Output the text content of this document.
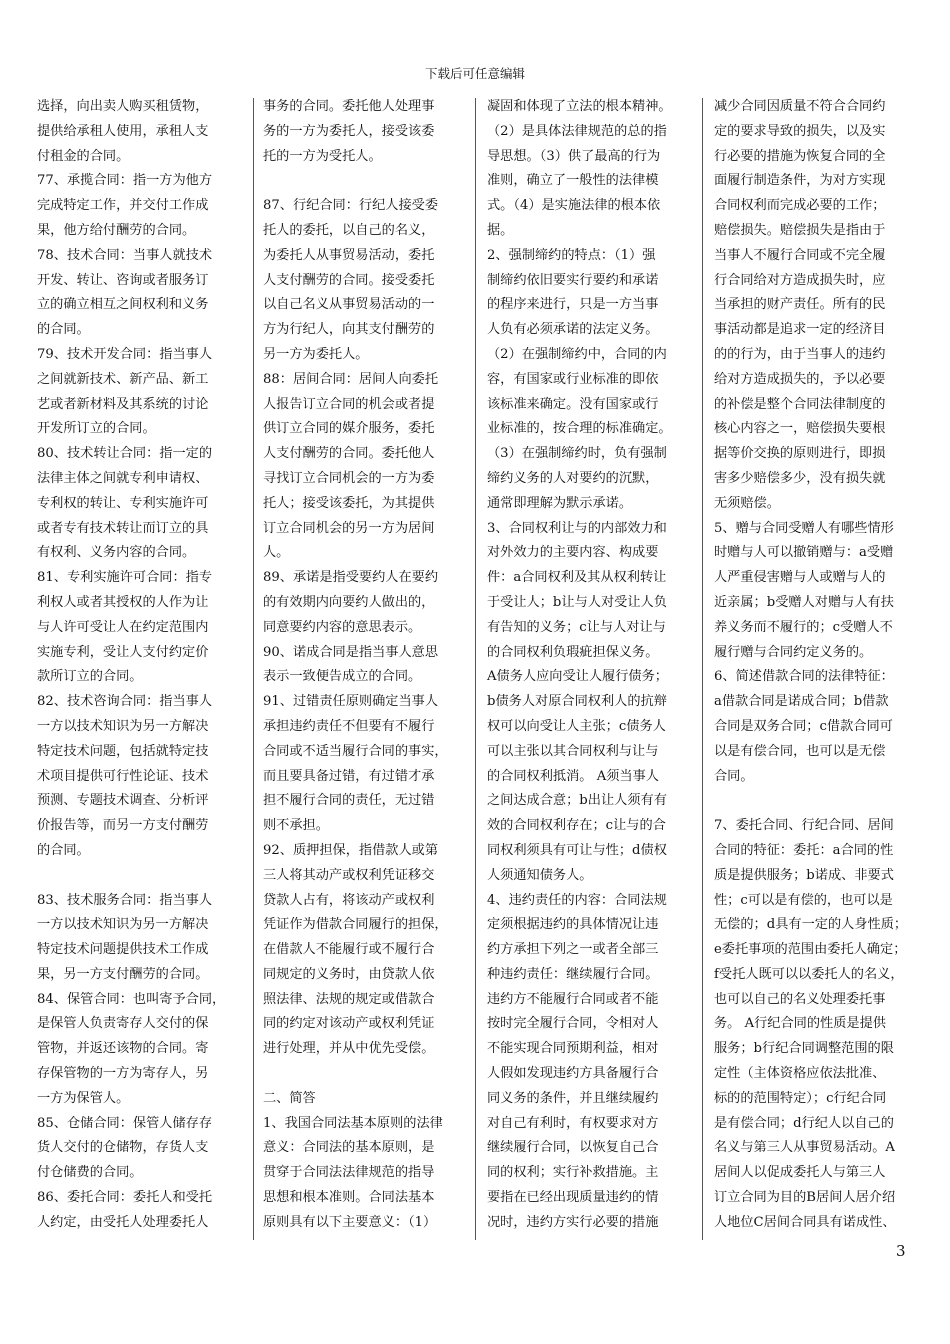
下载后可任意编辑

选择，向出卖人购买租赁物，

提供给承租人使用，承租人支

付租金的合同。

77、承揽合同：指一方为他方

完成特定工作，并交付工作成

果，他方给付酬劳的合同。

78、技术合同：当事人就技术

开发、转让、咨询或者服务订

立的确立相互之间权利和义务

的合同。

79、技术开发合同：指当事人

之间就新技术、新产品、新工

艺或者新材料及其系统的讨论

开发所订立的合同。

80、技术转让合同：指一定的

法律主体之间就专利申请权、

专利权的转让、专利实施许可

或者专有技术转让而订立的具

有权利、义务内容的合同。

81、专利实施许可合同：指专

利权人或者其授权的人作为让

与人许可受让人在约定范围内

实施专利，受让人支付约定价

款所订立的合同。

82、技术咨询合同：指当事人

一方以技术知识为另一方解决

特定技术问题，包括就特定技

术项目提供可行性论证、技术

预测、专题技术调查、分析评

价报告等，而另一方支付酬劳

的合同。

83、技术服务合同：指当事人

一方以技术知识为另一方解决

特定技术问题提供技术工作成

果，另一方支付酬劳的合同。

84、保管合同：也叫寄予合同，

是保管人负责寄存人交付的保

管物，并返还该物的合同。寄

存保管物的一方为寄存人，另

一方为保管人。

85、仓储合同：保管人储存存

货人交付的仓储物，存货人支

付仓储费的合同。

86、委托合同：委托人和受托

人约定，由受托人处理委托人

事务的合同。委托他人处理事

务的一方为委托人，接受该委

托的一方为受托人。

87、行纪合同：行纪人接受委

托人的委托，以自己的名义，

为委托人从事贸易活动，委托

人支付酬劳的合同。接受委托

以自己名义从事贸易活动的一

方为行纪人，向其支付酬劳的

另一方为委托人。

88：居间合同：居间人向委托

人报告订立合同的机会或者提

供订立合同的媒介服务，委托

人支付酬劳的合同。委托他人

寻找订立合同机会的一方为委

托人；接受该委托，为其提供

订立合同机会的另一方为居间

人。

89、承诺是指受要约人在要约

的有效期内向要约人做出的，

同意要约内容的意思表示。

90、诺成合同是指当事人意思

表示一致便告成立的合同。

91、过错责任原则确定当事人

承担违约责任不但要有不履行

合同或不适当履行合同的事实，

而且要具备过错，有过错才承

担不履行合同的责任，无过错

则不承担。

92、质押担保，指借款人或第

三人将其动产或权利凭证移交

贷款人占有，将该动产或权利

凭证作为借款合同履行的担保，

在借款人不能履行或不履行合

同规定的义务时，由贷款人依

照法律、法规的规定或借款合

同的约定对该动产或权利凭证

进行处理，并从中优先受偿。

二、简答

1、我国合同法基本原则的法律

意义：合同法的基本原则，是

贯穿于合同法法律规范的指导

思想和根本准则。合同法基本

原则具有以下主要意义：（1）

凝固和体现了立法的根本精神。

（2）是具体法律规范的总的指

导思想。（3）供了最高的行为

准则，确立了一般性的法律模

式。（4）是实施法律的根本依

据。

2、强制缔约的特点：（1）强

制缔约依旧要实行要约和承诺

的程序来进行，只是一方当事

人负有必须承诺的法定义务。

（2）在强制缔约中，合同的内

容，有国家或行业标准的即依

该标准来确定。没有国家或行

业标准的，按合理的标准确定。

（3）在强制缔约时，负有强制

缔约义务的人对要约的沉默，

通常即理解为默示承诺。

3、合同权利让与的内部效力和

对外效力的主要内容、构成要

件：a合同权利及其从权利转让

于受让人；b让与人对受让人负

有告知的义务；c让与人对让与

的合同权利负瑕疵担保义务。

A债务人应向受让人履行债务；

b债务人对原合同权利人的抗辩

权可以向受让人主张；c债务人

可以主张以其合同权利与让与

的合同权利抵消。 A须当事人

之间达成合意；b出让人须有有

效的合同权利存在；c让与的合

同权利须具有可让与性；d债权

人须通知债务人。

4、违约责任的内容：合同法规

定须根据违约的具体情况让违

约方承担下列之一或者全部三

种违约责任：继续履行合同。

违约方不能履行合同或者不能

按时完全履行合同，令相对人

不能实现合同预期利益，相对

人假如发现违约方具备履行合

同义务的条件，并且继续履约

对自己有利时，有权要求对方

继续履行合同，以恢复自己合

同的权利；实行补救措施。主

要指在已经出现质量违约的情

况时，违约方实行必要的措施

减少合同因质量不符合合同约

定的要求导致的损失，以及实

行必要的措施为恢复合同的全

面履行制造条件，为对方实现

合同权利而完成必要的工作；

赔偿损失。赔偿损失是指由于

当事人不履行合同或不完全履

行合同给对方造成损失时，应

当承担的财产责任。所有的民

事活动都是追求一定的经济目

的的行为，由于当事人的违约

给对方造成损失的，予以必要

的补偿是整个合同法律制度的

核心内容之一，赔偿损失要根

据等价交换的原则进行，即损

害多少赔偿多少，没有损失就

无须赔偿。

5、赠与合同受赠人有哪些情形

时赠与人可以撤销赠与：a受赠

人严重侵害赠与人或赠与人的

近亲属；b受赠人对赠与人有扶

养义务而不履行的；c受赠人不

履行赠与合同约定义务的。

6、简述借款合同的法律特征：

a借款合同是诺成合同；b借款

合同是双务合同；c借款合同可

以是有偿合同，也可以是无偿

合同。

7、委托合同、行纪合同、居间

合同的特征：委托：a合同的性

质是提供服务；b诺成、非要式

性；c可以是有偿的，也可以是

无偿的；d具有一定的人身性质；

e委托事项的范围由委托人确定；

f受托人既可以以委托人的名义，

也可以自己的名义处理委托事

务。 A行纪合同的性质是提供

服务；b行纪合同调整范围的限

定性（主体资格应依法批准、

标的的范围特定）；c行纪合同

是有偿合同；d行纪人以自己的

名义与第三人从事贸易活动。A

居间人以促成委托人与第三人

订立合同为目的B居间人居介绍

人地位C居间合同具有诺成性、

3
